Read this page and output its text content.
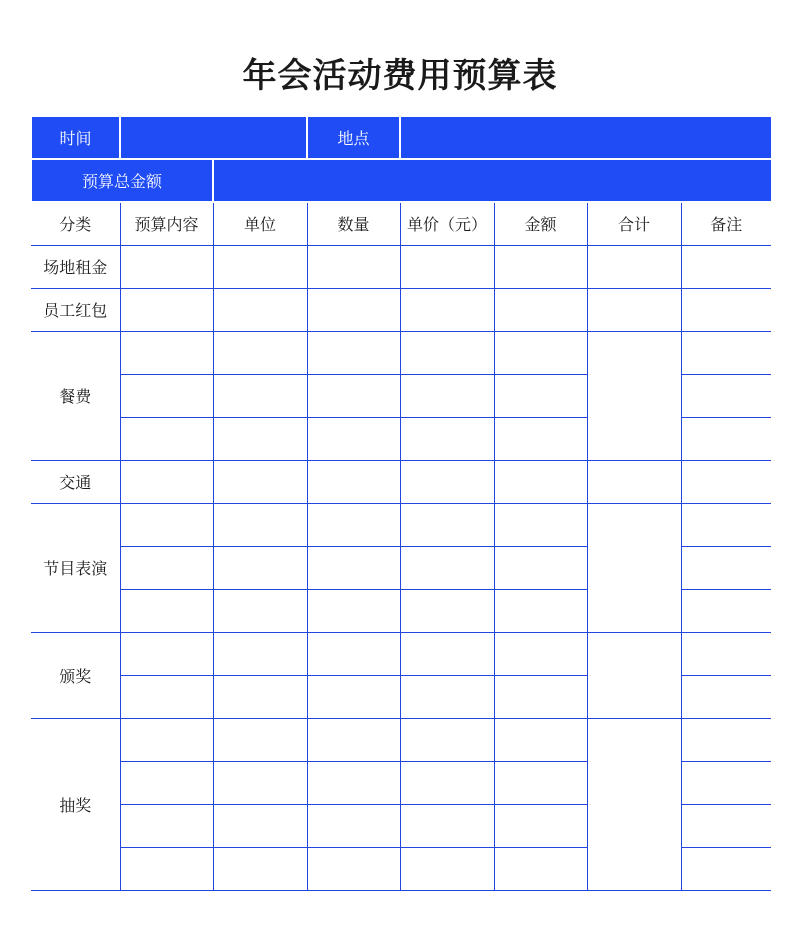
年会活动费用预算表
时间			地点				
预算总金额							
分类	预算内容	单位	数量	单价（元）	金额	合计	备注
场地租金							
员工红包							
餐费							

交通							
节目表演							

颁奖							

抽奖							
